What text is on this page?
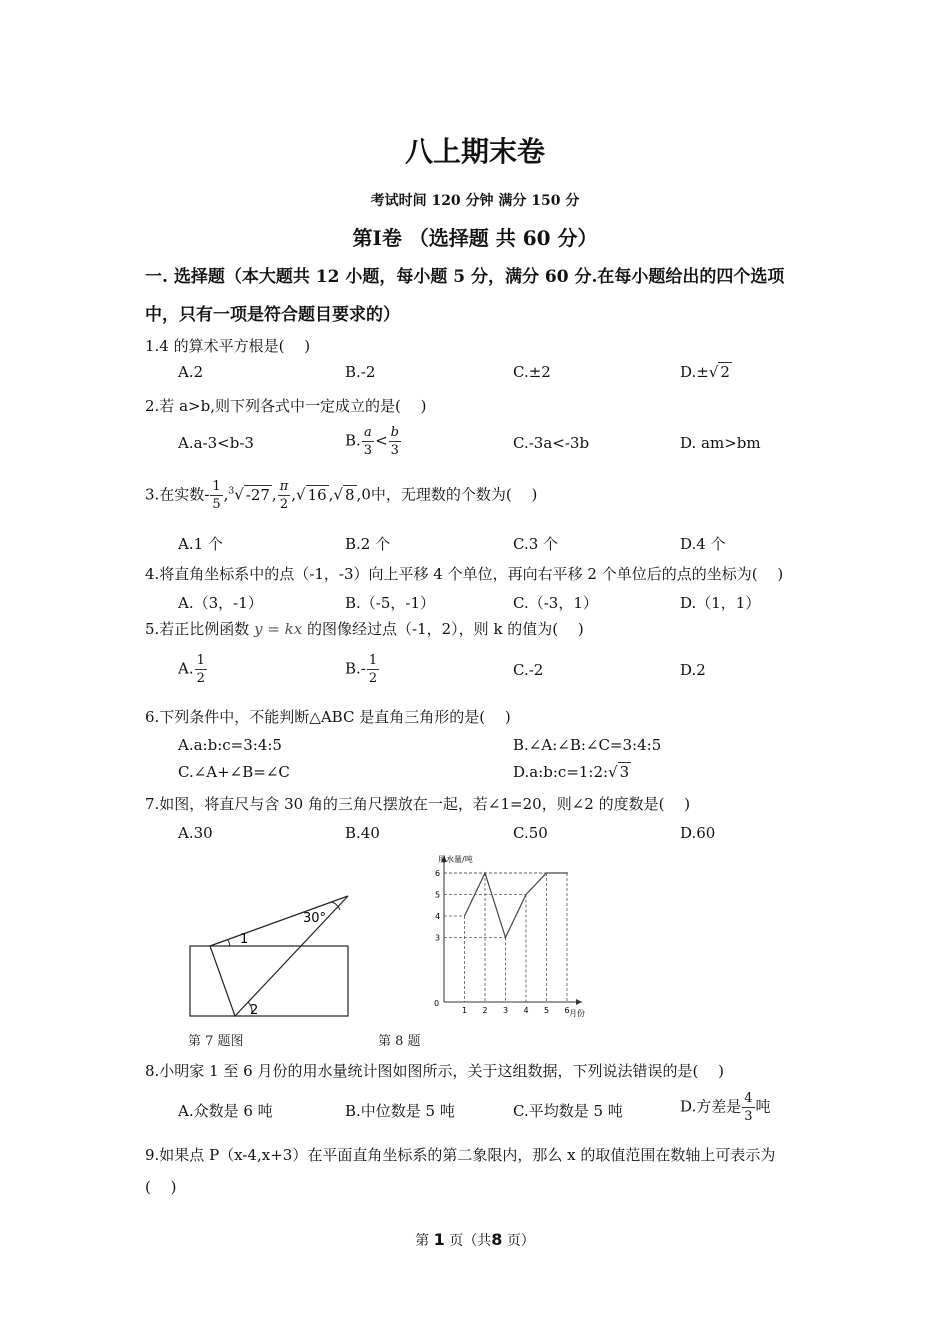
八上期末卷
考试时间 120 分钟 满分 150 分
第Ⅰ卷 （选择题 共 60 分）
一. 选择题（本大题共 12 小题，每小题 5 分，满分 60 分.在每小题给出的四个选项
中，只有一项是符合题目要求的）
1.4 的算术平方根是(　 )
A.2	B.-2	C.±2	D.±√ 2
2.若 a>b,则下列各式中一定成立的是(　 )
A.a-3<b-3	B. $\frac{a}{3} < \frac{b}{3}$	C.-3a<-3b	D. am>bm
3.在实数- $\frac{1}{5} ,^3√$ -27 , $\frac{\pi}{2}$ ,√ 16 ,√ 8 ,0中，无理数的个数为(　 )
A.1 个	B.2 个	C.3 个	D.4 个
4.将直角坐标系中的点（-1，-3）向上平移 4 个单位，再向右平移 2 个单位后的点的坐标为(　 )
A.（3，-1）	B.（-5，-1）	C.（-3，1）	D.（1，1）
5.若正比例函数 y = kx 的图像经过点（-1，2），则 k 的值为(　 )
A. $\frac{1}{2}$	$B.- \frac{1}{2}$	C.-2	D.2
6.下列条件中，不能判断△ABC 是直角三角形的是(　 )
A.a:b:c=3:4:5	B.∠A:∠B:∠C=3:4:5
C.∠A+∠B=∠C	D.a:b:c=1:2:√ 3
7.如图，将直尺与含 30 角的三角尺摆放在一起，若∠1=20，则∠2 的度数是(　 )
A.30	B.40	C.50	D.60
30°
1
2
第 7 题图
用水量/吨
月份
0
1 2 3 4 5 6
3
4
5
6
第 8 题
8.小明家 1 至 6 月份的用水量统计图如图所示，关于这组数据，下列说法错误的是(　 )
A.众数是 6 吨	B.中位数是 5 吨	C.平均数是 5 吨	D.方差是 $\frac{4}{3}$ 吨
9.如果点 P（x-4,x+3）在平面直角坐标系的第二象限内，那么 x 的取值范围在数轴上可表示为
(　 )
第 1 页（共8 页）
